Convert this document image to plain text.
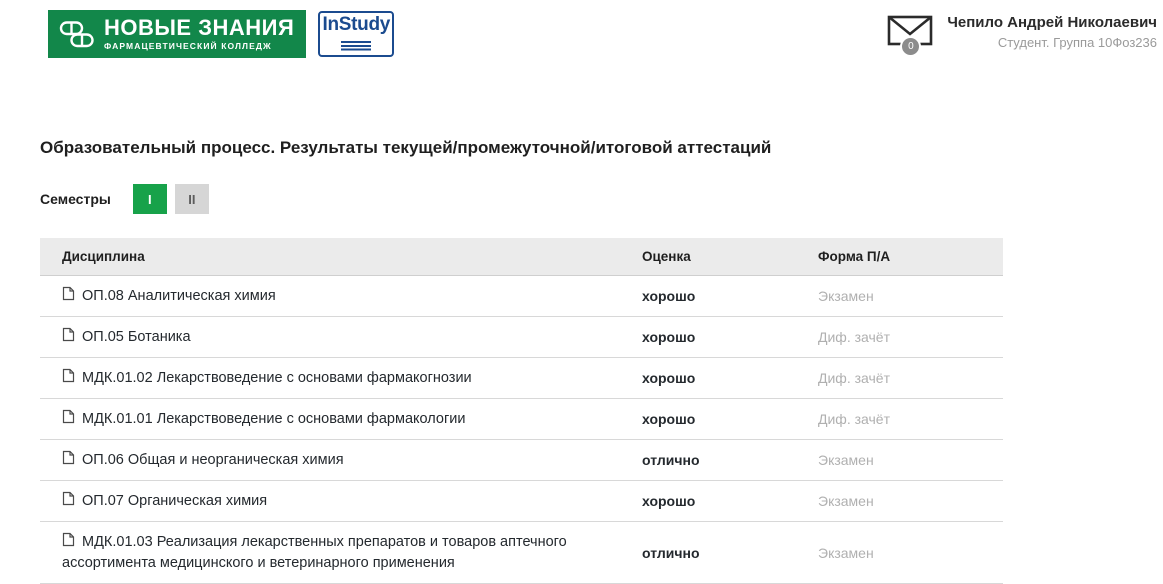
НОВЫЕ ЗНАНИЯ
ФАРМАЦЕВТИЧЕСКИЙ КОЛЛЕДЖ
InStudy
0
Чепило Андрей Николаевич
Студент. Группа 10Фоз236
Образовательный процесс. Результаты текущей/промежуточной/итоговой аттестаций
Семестры	I	II
Дисциплина	Оценка	Форма П/А

ОП.08 Аналитическая химия	хорошо	Экзамен

ОП.05 Ботаника	хорошо	Диф. зачёт

МДК.01.02 Лекарствоведение с основами фармакогнозии	хорошо	Диф. зачёт

МДК.01.01 Лекарствоведение с основами фармакологии	хорошо	Диф. зачёт

ОП.06 Общая и неорганическая химия	отлично	Экзамен

ОП.07 Органическая химия	хорошо	Экзамен

МДК.01.03 Реализация лекарственных препаратов и товаров аптечного ассортимента медицинского и ветеринарного применения	отлично	Экзамен
